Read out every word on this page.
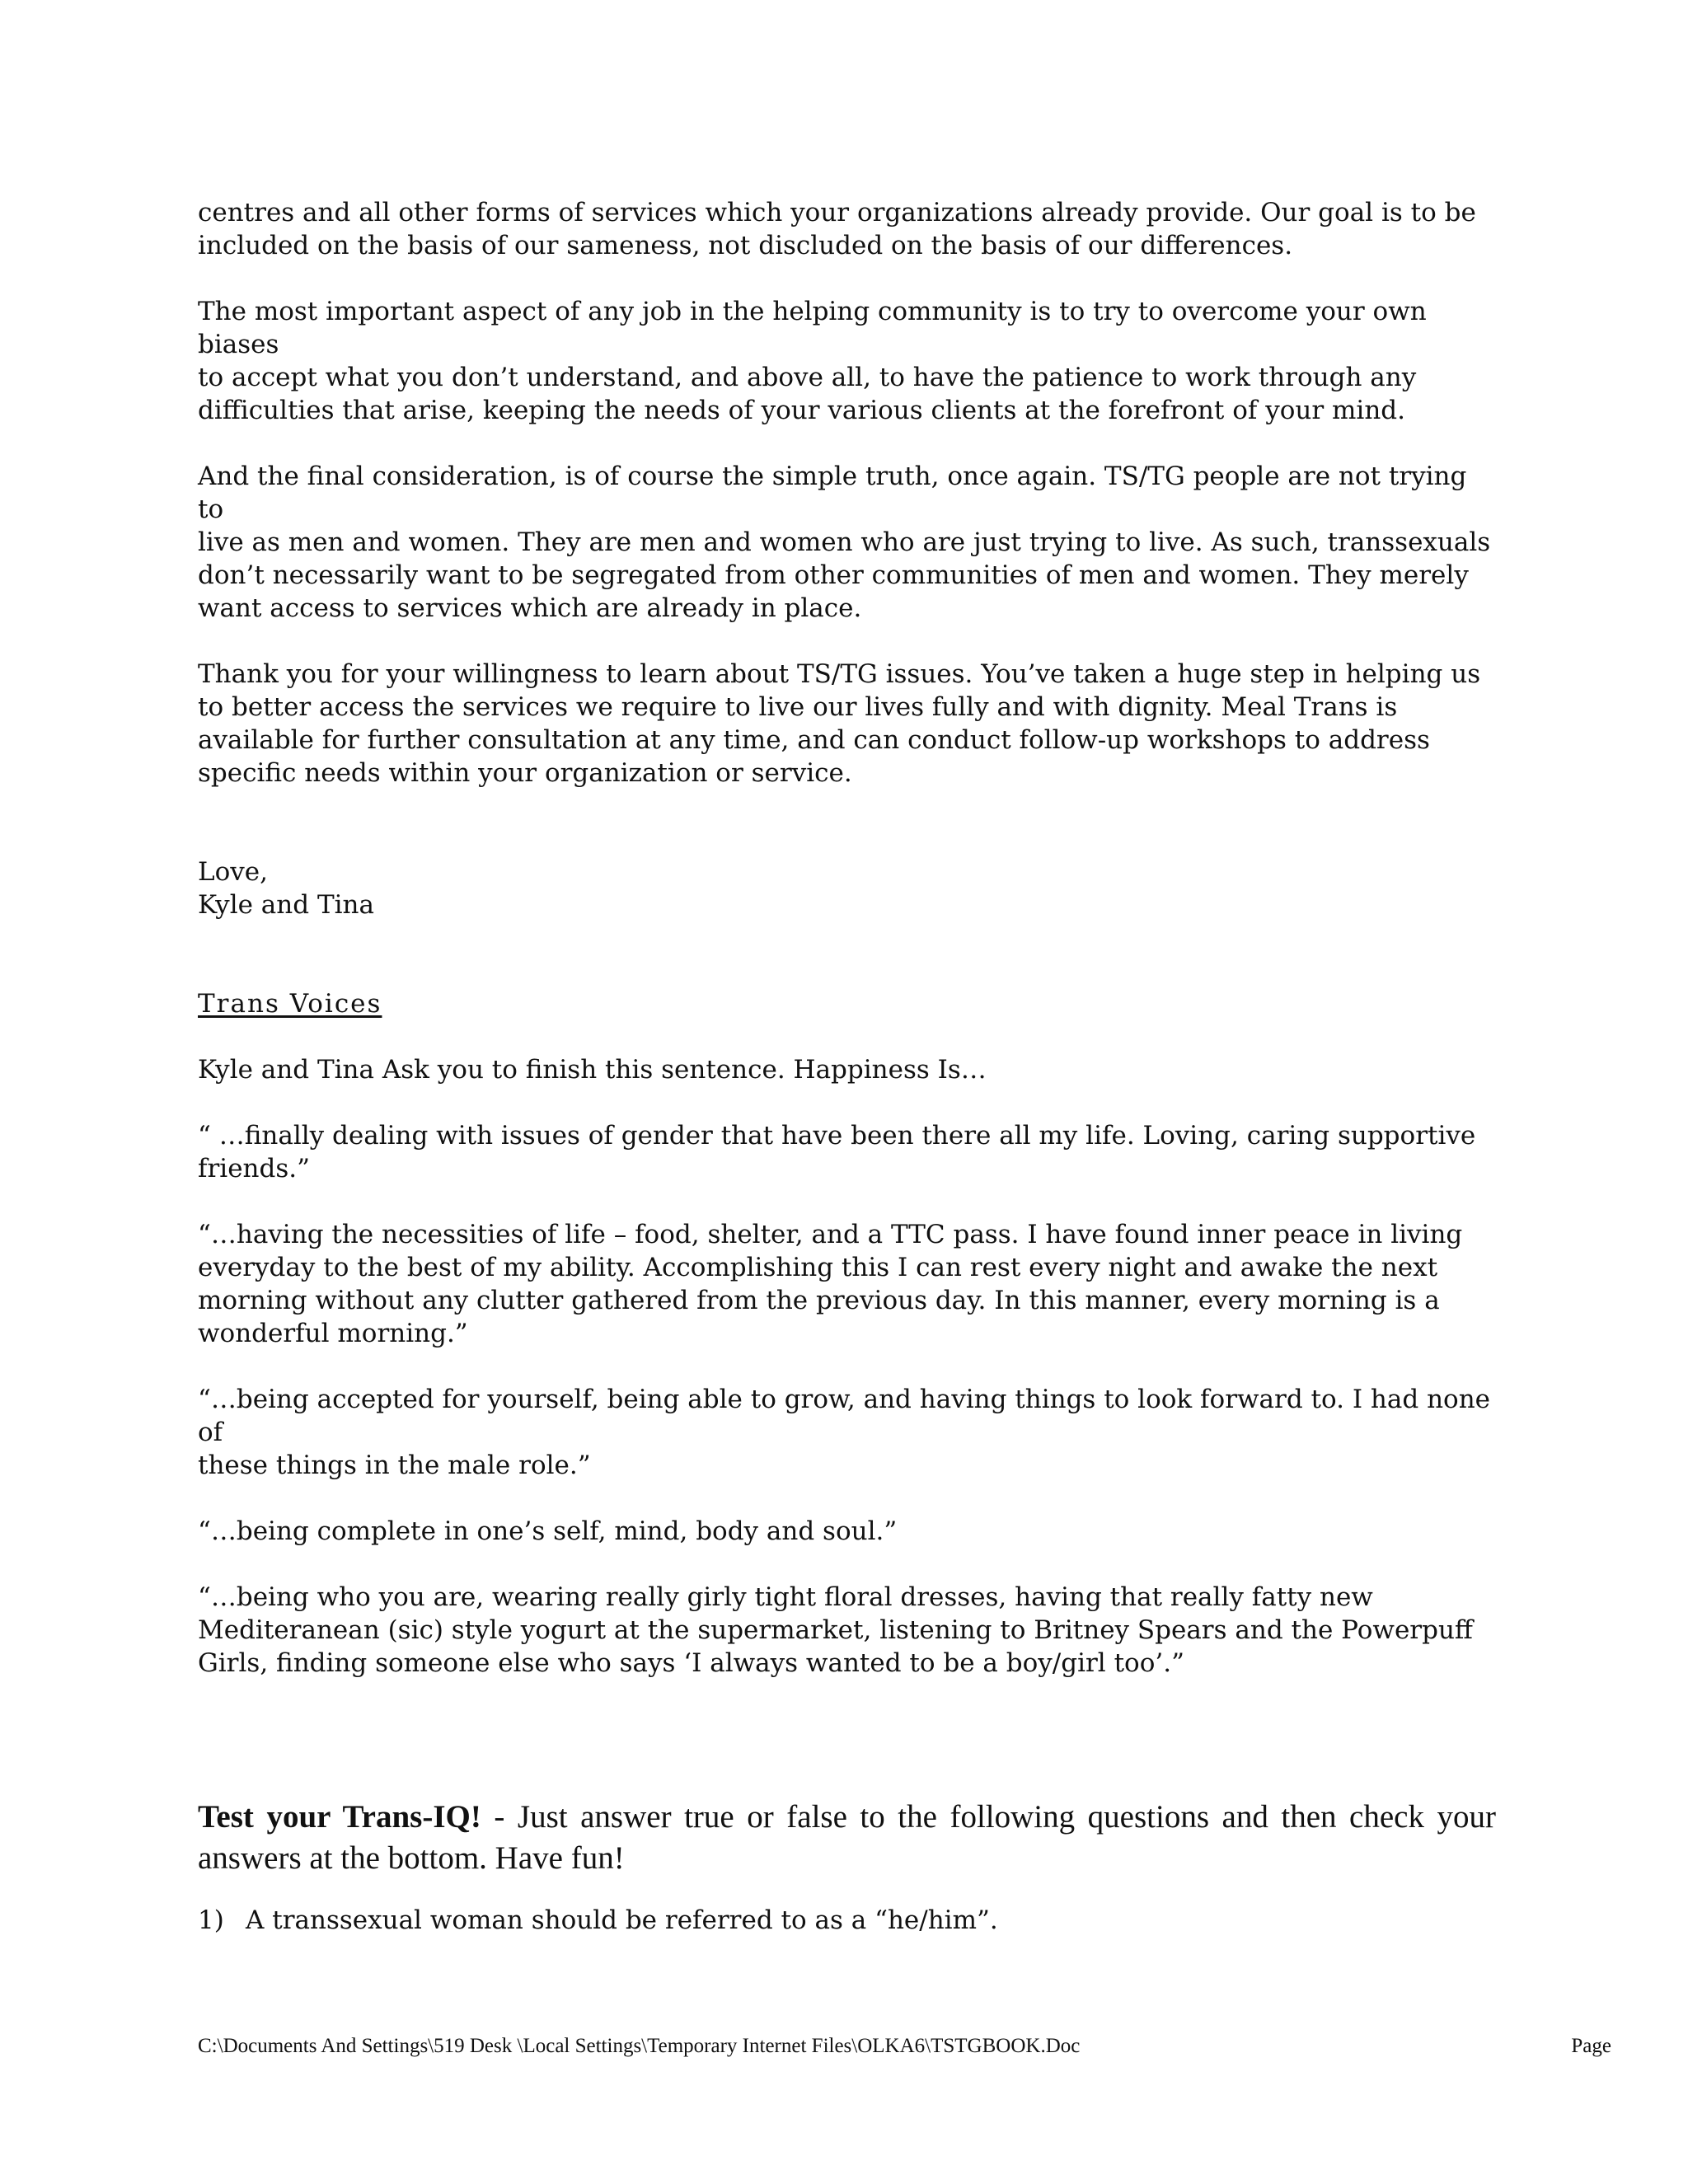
centres and all other forms of services which your organizations already provide. Our goal is to be
included on the basis of our sameness, not discluded on the basis of our differences.

The most important aspect of any job in the helping community is to try to overcome your own biases
to accept what you don’t understand, and above all, to have the patience to work through any
difficulties that arise, keeping the needs of your various clients at the forefront of your mind.

And the final consideration, is of course the simple truth, once again. TS/TG people are not trying to
live as men and women. They are men and women who are just trying to live. As such, transsexuals
don’t necessarily want to be segregated from other communities of men and women. They merely
want access to services which are already in place.

Thank you for your willingness to learn about TS/TG issues. You’ve taken a huge step in helping us
to better access the services we require to live our lives fully and with dignity. Meal Trans is
available for further consultation at any time, and can conduct follow-up workshops to address
specific needs within your organization or service.

Love,
Kyle and Tina

Trans Voices

Kyle and Tina Ask you to finish this sentence. Happiness Is…

“ …finally dealing with issues of gender that have been there all my life. Loving, caring supportive
friends.”

“…having the necessities of life – food, shelter, and a TTC pass. I have found inner peace in living
everyday to the best of my ability. Accomplishing this I can rest every night and awake the next
morning without any clutter gathered from the previous day. In this manner, every morning is a
wonderful morning.”

“…being accepted for yourself, being able to grow, and having things to look forward to. I had none of
these things in the male role.”

“…being complete in one’s self, mind, body and soul.”

“…being who you are, wearing really girly tight floral dresses, having that really fatty new
Mediteranean (sic) style yogurt at the supermarket, listening to Britney Spears and the Powerpuff
Girls, finding someone else who says ‘I always wanted to be a boy/girl too’.”

Test your Trans-IQ! - Just answer true or false to the following questions and then check your answers at the bottom. Have fun!

1) A transsexual woman should be referred to as a “he/him”.
C:\Documents And Settings\519 Desk \Local Settings\Temporary Internet Files\OLKA6\TSTGBOOK.Doc	Page
